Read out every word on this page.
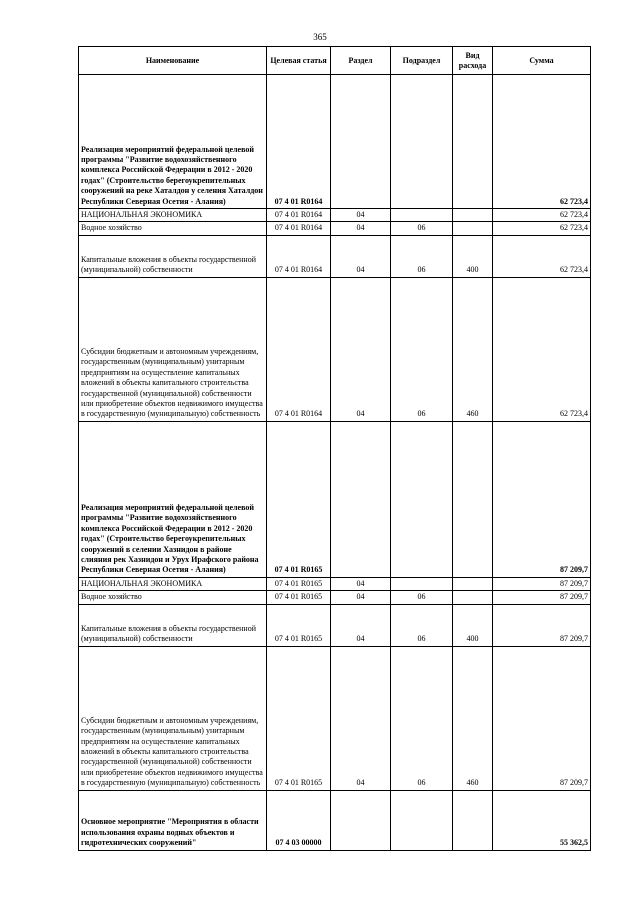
365
Наименование	Целевая статья	Раздел	Подраздел	Вид расхода	Сумма
Реализация мероприятий федеральной целевой программы "Развитие водохозяйственного комплекса Российской Федерации в 2012 - 2020 годах" (Строительство берегоукрепительных сооружений на реке Хаталдон у селения Хаталдон Республики Северная Осетия - Алания)	07 4 01 R0164				62 723,4
НАЦИОНАЛЬНАЯ ЭКОНОМИКА	07 4 01 R0164	04			62 723,4
Водное хозяйство	07 4 01 R0164	04	06		62 723,4
Капитальные вложения в объекты государственной (муниципальной) собственности	07 4 01 R0164	04	06	400	62 723,4
Субсидии бюджетным и автономным учреждениям, государственным (муниципальным) унитарным предприятиям на осуществление капитальных вложений в объекты капитального строительства государственной (муниципальной) собственности или приобретение объектов недвижимого имущества в государственную (муниципальную) собственность	07 4 01 R0164	04	06	460	62 723,4
Реализация мероприятий федеральной целевой программы "Развитие водохозяйственного комплекса Российской Федерации в 2012 - 2020 годах" (Строительство берегоукрепительных сооружений в селении Хазнидон в районе слияния рек Хазнидон и Урух Ирафского района Республики Северная Осетия - Алания)	07 4 01 R0165				87 209,7
НАЦИОНАЛЬНАЯ ЭКОНОМИКА	07 4 01 R0165	04			87 209,7
Водное хозяйство	07 4 01 R0165	04	06		87 209,7
Капитальные вложения в объекты государственной (муниципальной) собственности	07 4 01 R0165	04	06	400	87 209,7
Субсидии бюджетным и автономным учреждениям, государственным (муниципальным) унитарным предприятиям на осуществление капитальных вложений в объекты капитального строительства государственной (муниципальной) собственности или приобретение объектов недвижимого имущества в государственную (муниципальную) собственность	07 4 01 R0165	04	06	460	87 209,7
Основное мероприятие "Мероприятия в области использования охраны водных объектов и гидротехнических сооружений"	07 4 03 00000				55 362,5
